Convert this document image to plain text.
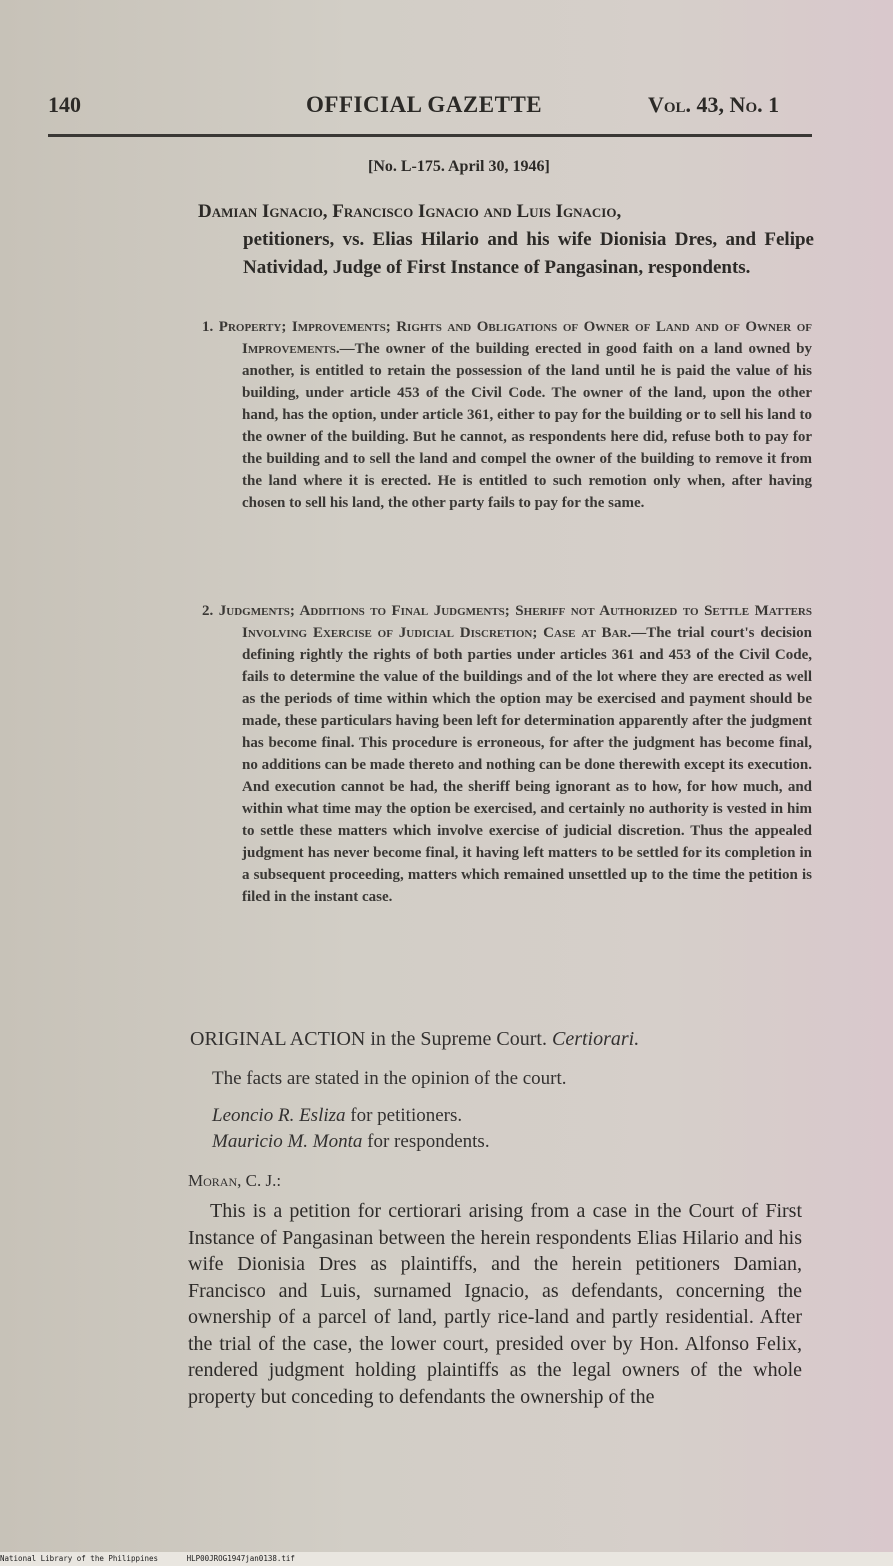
140	OFFICIAL GAZETTE	Vol. 43, No. 1
[No. L-175. April 30, 1946]
Damian Ignacio, Francisco Ignacio and Luis Ignacio,
petitioners, vs. Elias Hilario and his wife Dionisia Dres, and Felipe Natividad, Judge of First Instance of Pangasinan, respondents.

1. Property; Improvements; Rights and Obligations of Owner of Land and of Owner of Improvements.—The owner of the building erected in good faith on a land owned by another, is entitled to retain the possession of the land until he is paid the value of his building, under article 453 of the Civil Code. The owner of the land, upon the other hand, has the option, under article 361, either to pay for the building or to sell his land to the owner of the building. But he cannot, as respondents here did, refuse both to pay for the building and to sell the land and compel the owner of the building to remove it from the land where it is erected. He is entitled to such remotion only when, after having chosen to sell his land, the other party fails to pay for the same.

2. Judgments; Additions to Final Judgments; Sheriff not Authorized to Settle Matters Involving Exercise of Judicial Discretion; Case at Bar.—The trial court's decision defining rightly the rights of both parties under articles 361 and 453 of the Civil Code, fails to determine the value of the buildings and of the lot where they are erected as well as the periods of time within which the option may be exercised and payment should be made, these particulars having been left for determination apparently after the judgment has become final. This procedure is erroneous, for after the judgment has become final, no additions can be made thereto and nothing can be done therewith except its execution. And execution cannot be had, the sheriff being ignorant as to how, for how much, and within what time may the option be exercised, and certainly no authority is vested in him to settle these matters which involve exercise of judicial discretion. Thus the appealed judgment has never become final, it having left matters to be settled for its completion in a subsequent proceeding, matters which remained unsettled up to the time the petition is filed in the instant case.

ORIGINAL ACTION in the Supreme Court. Certiorari.
The facts are stated in the opinion of the court.
Leoncio R. Esliza for petitioners.
Mauricio M. Monta for respondents.
Moran, C. J.:

This is a petition for certiorari arising from a case in the Court of First Instance of Pangasinan between the herein respondents Elias Hilario and his wife Dionisia Dres as plaintiffs, and the herein petitioners Damian, Francisco and Luis, surnamed Ignacio, as defendants, concerning the ownership of a parcel of land, partly rice-land and partly residential. After the trial of the case, the lower court, presided over by Hon. Alfonso Felix, rendered judgment holding plaintiffs as the legal owners of the whole property but conceding to defendants the ownership of the

National Library of the Philippines	HLP00JROG1947jan0138.tif
